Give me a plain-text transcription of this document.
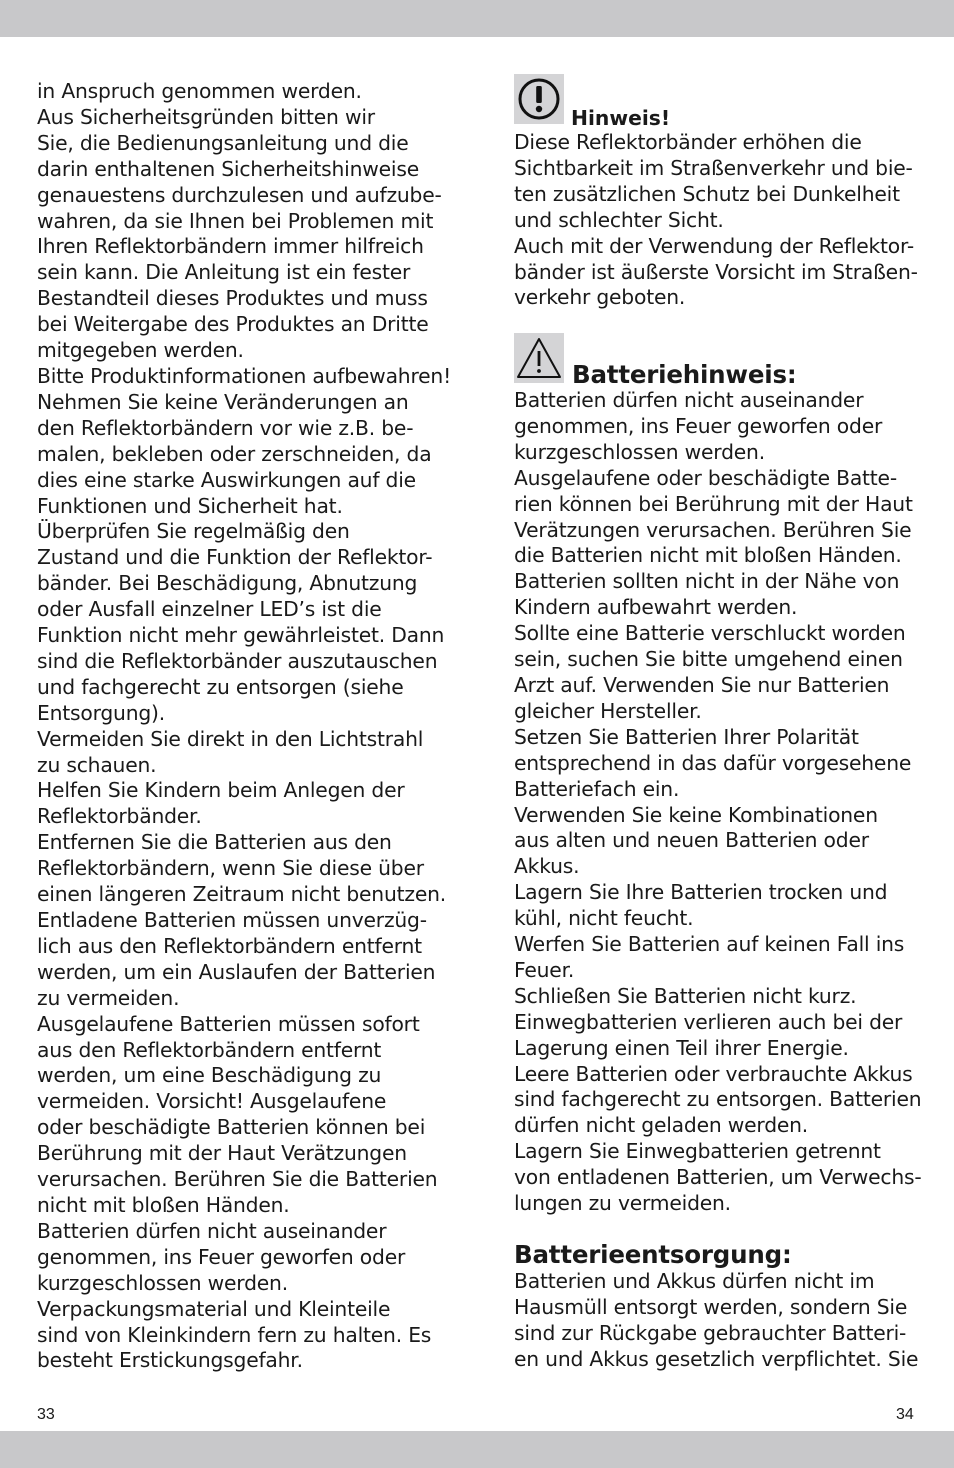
in Anspruch genommen werden.
Aus Sicherheitsgründen bitten wir
Sie, die Bedienungsanleitung und die
darin enthaltenen Sicherheitshinweise
genauestens durchzulesen und aufzube-
wahren, da sie Ihnen bei Problemen mit
Ihren Reflektorbändern immer hilfreich
sein kann. Die Anleitung ist ein fester
Bestandteil dieses Produktes und muss
bei Weitergabe des Produktes an Dritte
mitgegeben werden.
Bitte Produktinformationen aufbewahren!
Nehmen Sie keine Veränderungen an
den Reflektorbändern vor wie z.B. be-
malen, bekleben oder zerschneiden, da
dies eine starke Auswirkungen auf die
Funktionen und Sicherheit hat.
Überprüfen Sie regelmäßig den
Zustand und die Funktion der Reflektor-
bänder. Bei Beschädigung, Abnutzung
oder Ausfall einzelner LED’s ist die
Funktion nicht mehr gewährleistet. Dann
sind die Reflektorbänder auszutauschen
und fachgerecht zu entsorgen (siehe
Entsorgung).
Vermeiden Sie direkt in den Lichtstrahl
zu schauen.
Helfen Sie Kindern beim Anlegen der
Reflektorbänder.
Entfernen Sie die Batterien aus den
Reflektorbändern, wenn Sie diese über
einen längeren Zeitraum nicht benutzen.
Entladene Batterien müssen unverzüg-
lich aus den Reflektorbändern entfernt
werden, um ein Auslaufen der Batterien
zu vermeiden.
Ausgelaufene Batterien müssen sofort
aus den Reflektorbändern entfernt
werden, um eine Beschädigung zu
vermeiden. Vorsicht! Ausgelaufene
oder beschädigte Batterien können bei
Berührung mit der Haut Verätzungen
verursachen. Berühren Sie die Batterien
nicht mit bloßen Händen.
Batterien dürfen nicht auseinander
genommen, ins Feuer geworfen oder
kurzgeschlossen werden.
Verpackungsmaterial und Kleinteile
sind von Kleinkindern fern zu halten. Es
besteht Erstickungsgefahr.
Hinweis!
Diese Reflektorbänder erhöhen die
Sichtbarkeit im Straßenverkehr und bie-
ten zusätzlichen Schutz bei Dunkelheit
und schlechter Sicht.
Auch mit der Verwendung der Reflektor-
bänder ist äußerste Vorsicht im Straßen-
verkehr geboten.
Batteriehinweis:
Batterien dürfen nicht auseinander
genommen, ins Feuer geworfen oder
kurzgeschlossen werden.
Ausgelaufene oder beschädigte Batte-
rien können bei Berührung mit der Haut
Verätzungen verursachen. Berühren Sie
die Batterien nicht mit bloßen Händen.
Batterien sollten nicht in der Nähe von
Kindern aufbewahrt werden.
Sollte eine Batterie verschluckt worden
sein, suchen Sie bitte umgehend einen
Arzt auf. Verwenden Sie nur Batterien
gleicher Hersteller.
Setzen Sie Batterien Ihrer Polarität
entsprechend in das dafür vorgesehene
Batteriefach ein.
Verwenden Sie keine Kombinationen
aus alten und neuen Batterien oder
Akkus.
Lagern Sie Ihre Batterien trocken und
kühl, nicht feucht.
Werfen Sie Batterien auf keinen Fall ins
Feuer.
Schließen Sie Batterien nicht kurz.
Einwegbatterien verlieren auch bei der
Lagerung einen Teil ihrer Energie.
Leere Batterien oder verbrauchte Akkus
sind fachgerecht zu entsorgen. Batterien
dürfen nicht geladen werden.
Lagern Sie Einwegbatterien getrennt
von entladenen Batterien, um Verwechs-
lungen zu vermeiden.
Batterieentsorgung:
Batterien und Akkus dürfen nicht im
Hausmüll entsorgt werden, sondern Sie
sind zur Rückgabe gebrauchter Batteri-
en und Akkus gesetzlich verpflichtet. Sie
33	34
